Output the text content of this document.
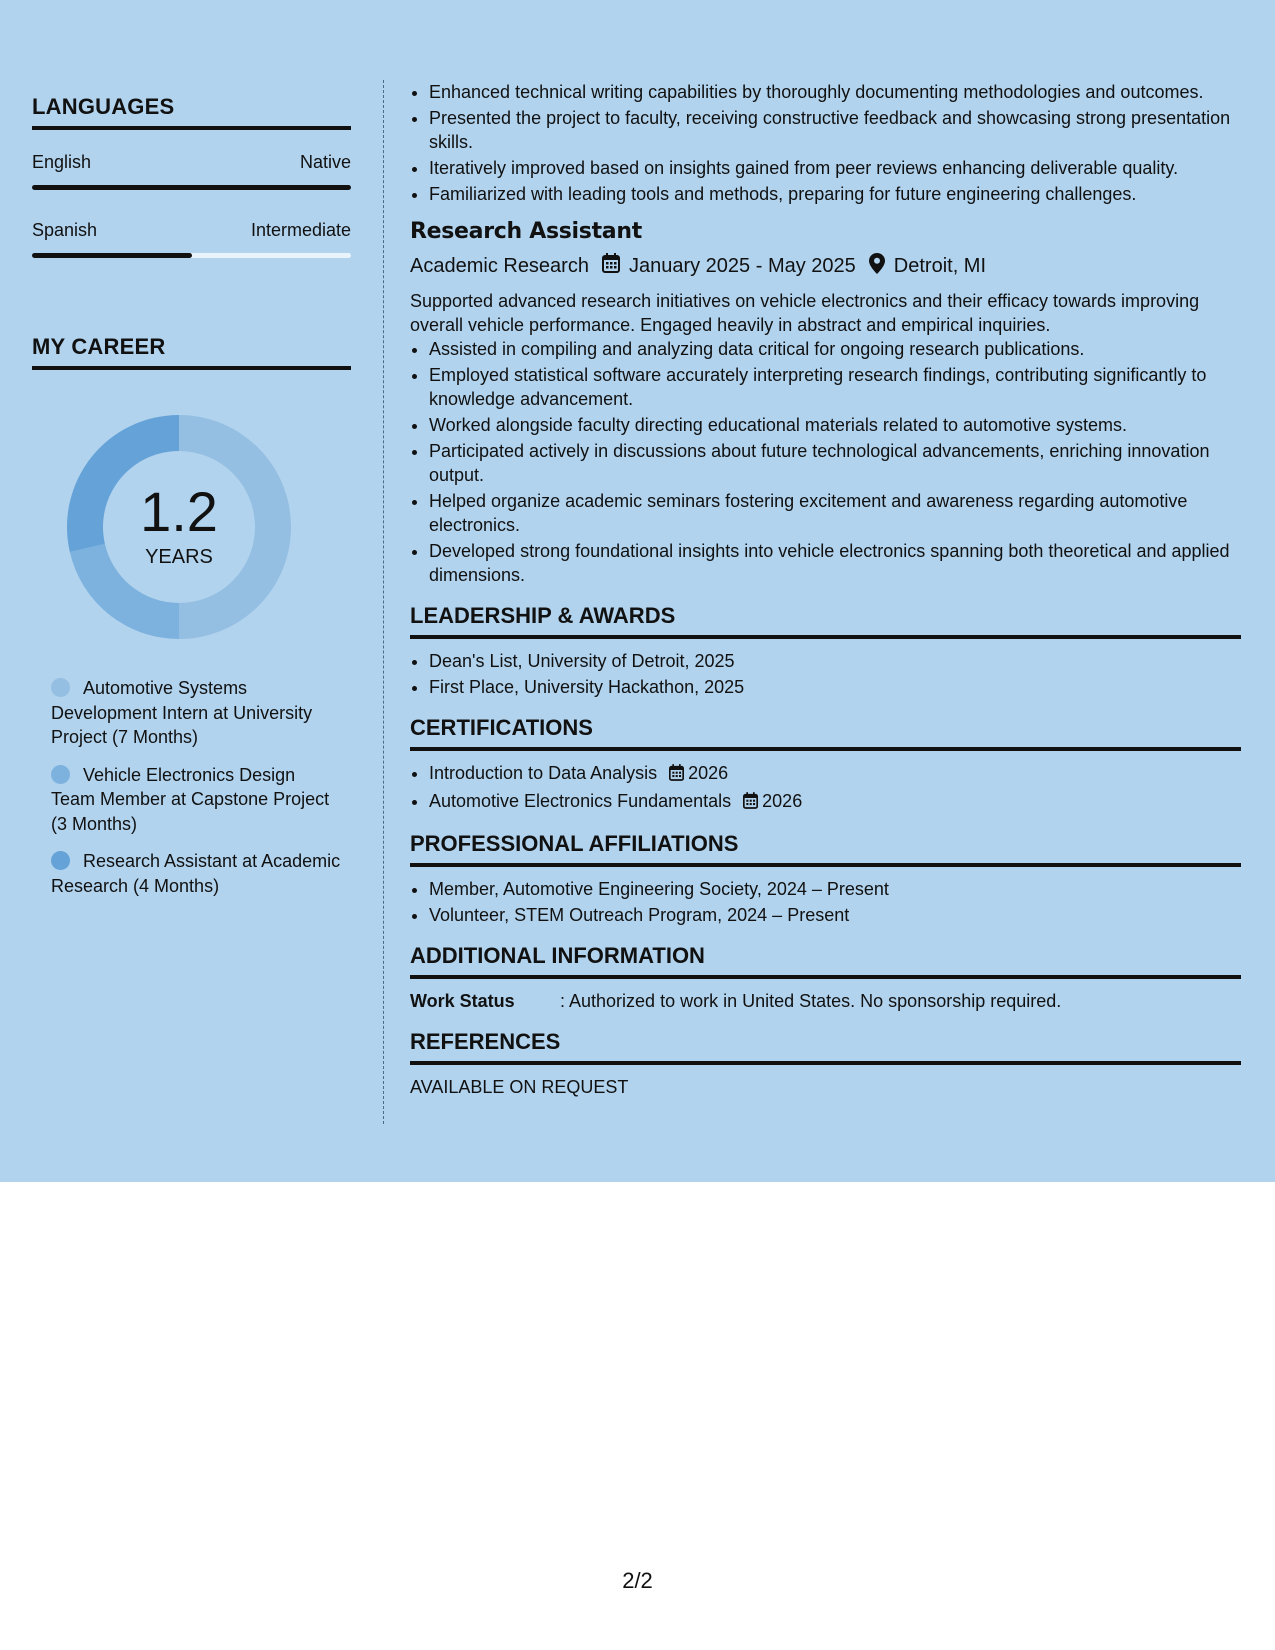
LANGUAGES
English	Native
Spanish	Intermediate
MY CAREER
1.2
YEARS
Automotive Systems Development Intern at University Project (7 Months)
Vehicle Electronics Design Team Member at Capstone Project (3 Months)
Research Assistant at Academic Research (4 Months)
• Enhanced technical writing capabilities by thoroughly documenting methodologies and outcomes.
• Presented the project to faculty, receiving constructive feedback and showcasing strong presentation skills.
• Iteratively improved based on insights gained from peer reviews enhancing deliverable quality.
• Familiarized with leading tools and methods, preparing for future engineering challenges.
Research Assistant
Academic Research January 2025 - May 2025 Detroit, MI
Supported advanced research initiatives on vehicle electronics and their efficacy towards improving overall vehicle performance. Engaged heavily in abstract and empirical inquiries.
• Assisted in compiling and analyzing data critical for ongoing research publications.
• Employed statistical software accurately interpreting research findings, contributing significantly to knowledge advancement.
• Worked alongside faculty directing educational materials related to automotive systems.
• Participated actively in discussions about future technological advancements, enriching innovation output.
• Helped organize academic seminars fostering excitement and awareness regarding automotive electronics.
• Developed strong foundational insights into vehicle electronics spanning both theoretical and applied dimensions.
LEADERSHIP & AWARDS
• Dean's List, University of Detroit, 2025
• First Place, University Hackathon, 2025
CERTIFICATIONS
• Introduction to Data Analysis 2026
• Automotive Electronics Fundamentals 2026
PROFESSIONAL AFFILIATIONS
• Member, Automotive Engineering Society, 2024 – Present
• Volunteer, STEM Outreach Program, 2024 – Present
ADDITIONAL INFORMATION
Work Status	: Authorized to work in United States. No sponsorship required.
REFERENCES
AVAILABLE ON REQUEST
2/2
